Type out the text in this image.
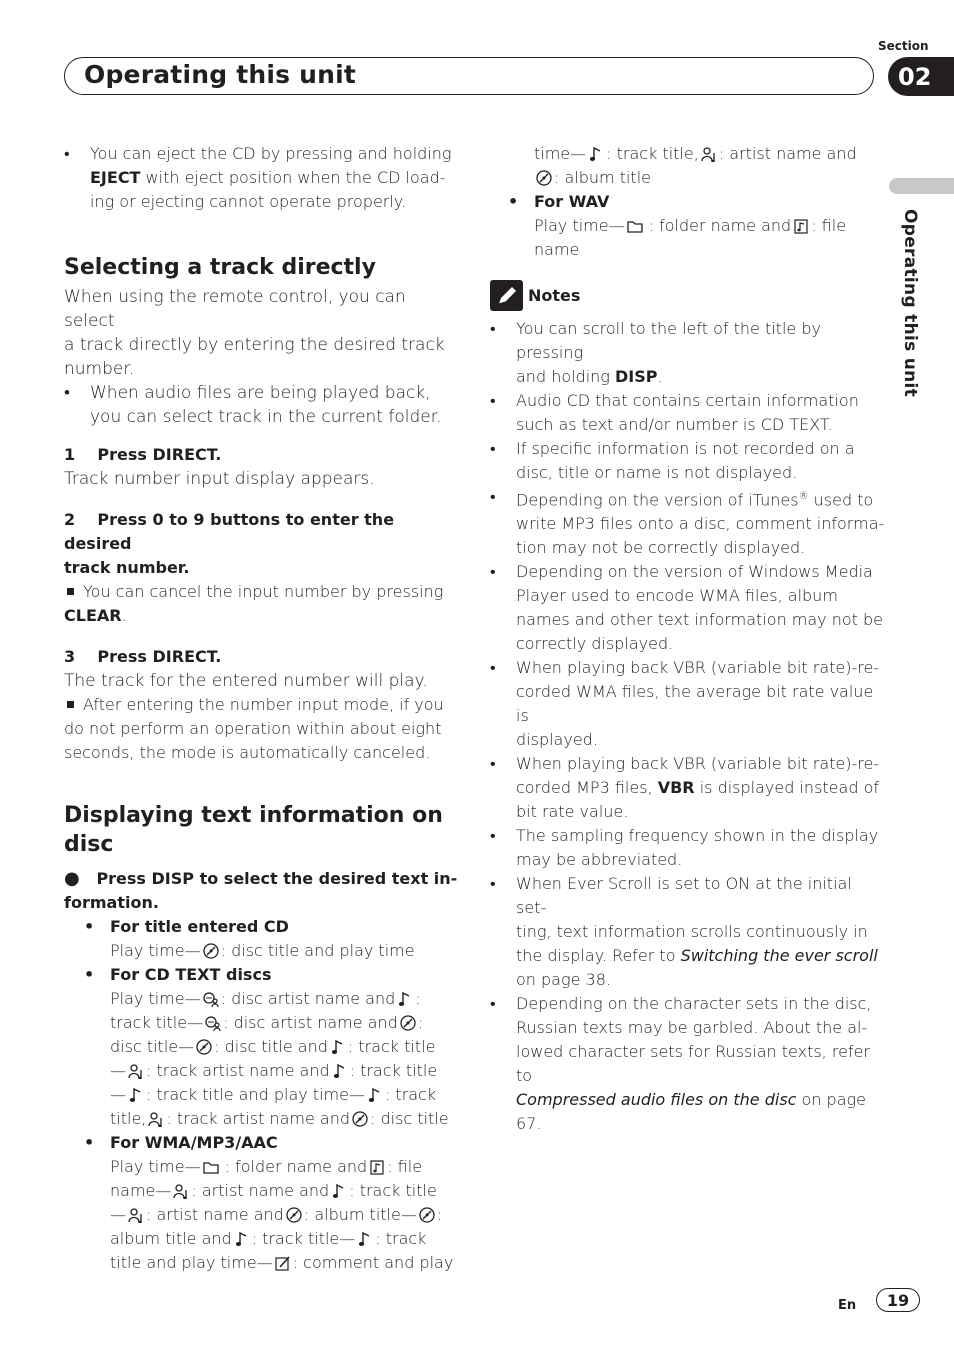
Section
Operating this unit	02
Operating this unit

• You can eject the CD by pressing and holding EJECT with eject position when the CD load-
ing or ejecting cannot operate properly.

Selecting a track directly

When using the remote control, you can select
a track directly by entering the desired track
number.

• When audio files are being played back,
you can select track in the current folder.

1 Press DIRECT.

Track number input display appears.

2 Press 0 to 9 buttons to enter the desired
track number.

You can cancel the input number by pressing
CLEAR.

3 Press DIRECT.

The track for the entered number will play.

After entering the number input mode, if you
do not perform an operation within about eight
seconds, the mode is automatically canceled.

Displaying text information on
disc

● Press DISP to select the desired text in-
formation.

• For title entered CD

Play time— : disc title and play time

• For CD TEXT discs

Play time— : disc artist name and :

track title— : disc artist name and :

disc title— : disc title and : track title

— : track artist name and : track title

— : track title and play time— : track

title, : track artist name and : disc title

• For WMA/MP3/AAC

Play time— : folder name and : file

name— : artist name and : track title

— : artist name and : album title— :

album title and : track title— : track

title and play time— : comment and play

time— : track title, : artist name and

: album title

• For WAV

Play time— : folder name and : file

name

Notes

• You can scroll to the left of the title by pressing
and holding DISP.

• Audio CD that contains certain information
such as text and/or number is CD TEXT.

• If specific information is not recorded on a
disc, title or name is not displayed.

• Depending on the version of iTunes® used to
write MP3 files onto a disc, comment informa-
tion may not be correctly displayed.

• Depending on the version of Windows Media
Player used to encode WMA files, album
names and other text information may not be
correctly displayed.

• When playing back VBR (variable bit rate)-re-
corded WMA files, the average bit rate value is
displayed.

• When playing back VBR (variable bit rate)-re-
corded MP3 files, VBR is displayed instead of
bit rate value.

• The sampling frequency shown in the display
may be abbreviated.

• When Ever Scroll is set to ON at the initial set-
ting, text information scrolls continuously in
the display. Refer to Switching the ever scroll
on page 38.

• Depending on the character sets in the disc,
Russian texts may be garbled. About the al-
lowed character sets for Russian texts, refer to
Compressed audio files on the disc on page 67.

En	19
